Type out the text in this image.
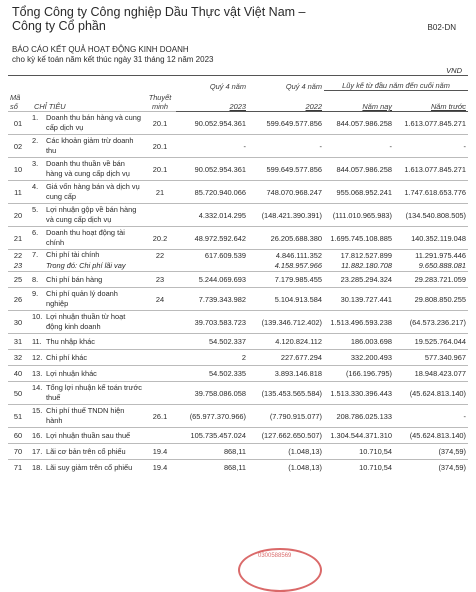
Tổng Công ty Công nghiệp Dầu Thực vật Việt Nam –
Công ty Cổ phần	B02-DN
BÁO CÁO KẾT QUẢ HOẠT ĐỘNG KINH DOANH
cho kỳ kế toán năm kết thúc ngày 31 tháng 12 năm 2023
VND
Mã số	CHỈ TIÊU	Thuyết minh	Quý 4 năm	Quý 4 năm	Lũy kế từ đầu năm đến cuối năm	
			2023	2022	Năm nay	Năm trước
01	1. Doanh thu bán hàng và cung cấp dịch vụ	20.1	90.052.954.361	599.649.577.856	844.057.986.258	1.613.077.845.271
02	2. Các khoản giảm trừ doanh thu	20.1	-	-	-	-
10	3. Doanh thu thuần về bán hàng và cung cấp dịch vụ	20.1	90.052.954.361	599.649.577.856	844.057.986.258	1.613.077.845.271
11	4. Giá vốn hàng bán và dịch vụ cung cấp	21	85.720.940.066	748.070.968.247	955.068.952.241	1.747.618.653.776
20	5. Lợi nhuận gộp về bán hàng và cung cấp dịch vụ		4.332.014.295	(148.421.390.391)	(111.010.965.983)	(134.540.808.505)
21	6. Doanh thu hoạt động tài chính	20.2	48.972.592.642	26.205.688.380	1.695.745.108.885	140.352.119.048
22	7. Chi phí tài chính	22	617.609.539	4.846.111.352	17.812.527.899	11.291.975.446
23	Trong đó: Chi phí lãi vay			4.158.957.966	11.882.180.708	9.650.888.081
25	8. Chi phí bán hàng	23	5.244.069.693	7.179.985.455	23.285.294.324	29.283.721.059
26	9. Chi phí quản lý doanh nghiệp	24	7.739.343.982	5.104.913.584	30.139.727.441	29.808.850.255
30	10. Lợi nhuận thuần từ hoạt động kinh doanh		39.703.583.723	(139.346.712.402)	1.513.496.593.238	(64.573.236.217)
31	11. Thu nhập khác		54.502.337	4.120.824.112	186.003.698	19.525.764.044
32	12. Chi phí khác		2	227.677.294	332.200.493	577.340.967
40	13. Lợi nhuận khác		54.502.335	3.893.146.818	(166.196.795)	18.948.423.077
50	14. Tổng lợi nhuận kế toán trước thuế		39.758.086.058	(135.453.565.584)	1.513.330.396.443	(45.624.813.140)
51	15. Chi phí thuế TNDN hiện hành	26.1	(65.977.370.966)	(7.790.915.077)	208.786.025.133	-
60	16. Lợi nhuận thuần sau thuế		105.735.457.024	(127.662.650.507)	1.304.544.371.310	(45.624.813.140)
70	17. Lãi cơ bản trên cổ phiếu	19.4	868,11	(1.048,13)	10.710,54	(374,59)
71	18. Lãi suy giảm trên cổ phiếu	19.4	868,11	(1.048,13)	10.710,54	(374,59)
0300588569
